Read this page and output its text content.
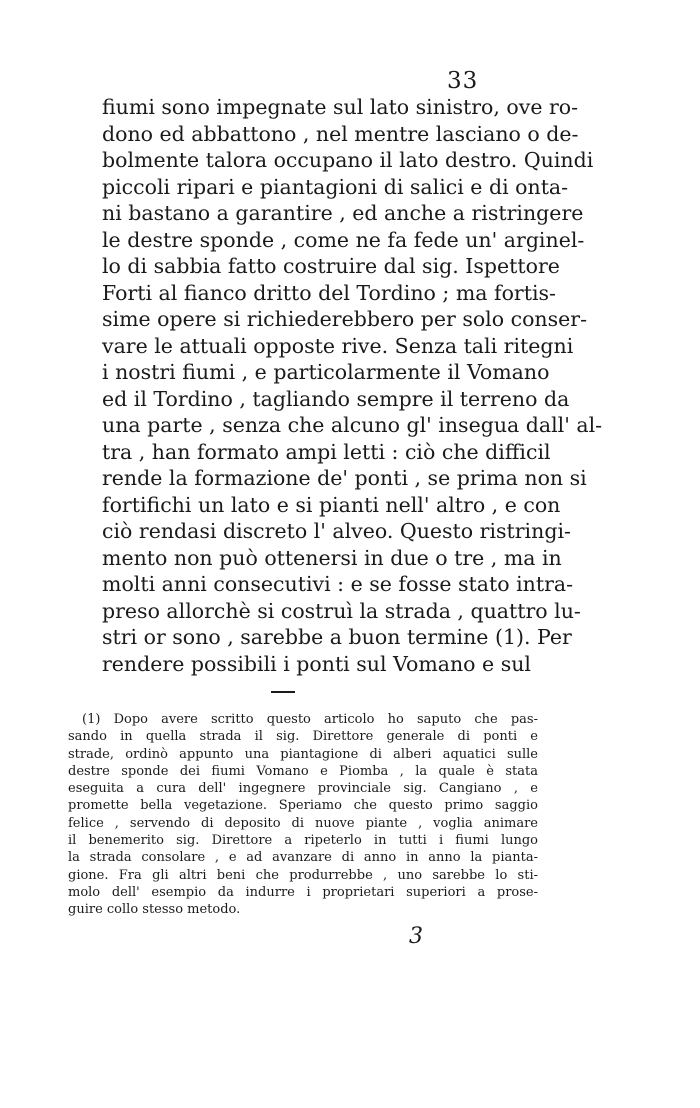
33
fiumi sono impegnate sul lato sinistro, ove ro-
dono ed abbattono , nel mentre lasciano o de-
bolmente talora occupano il lato destro. Quindi
piccoli ripari e piantagioni di salici e di onta-
ni bastano a garantire , ed anche a ristringere
le destre sponde , come ne fa fede un' arginel-
lo di sabbia fatto costruire dal sig. Ispettore
Forti al fianco dritto del Tordino ; ma fortis-
sime opere si richiederebbero per solo conser-
vare le attuali opposte rive. Senza tali ritegni
i nostri fiumi , e particolarmente il Vomano
ed il Tordino , tagliando sempre il terreno da
una parte , senza che alcuno gl' insegua dall' al-
tra , han formato ampi letti : ciò che difficil
rende la formazione de' ponti , se prima non si
fortifichi un lato e si pianti nell' altro , e con
ciò rendasi discreto l' alveo. Questo ristringi-
mento non può ottenersi in due o tre , ma in
molti anni consecutivi : e se fosse stato intra-
preso allorchè si costruì la strada , quattro lu-
stri or sono , sarebbe a buon termine (1). Per
rendere possibili i ponti sul Vomano e sul
(1) Dopo avere scritto questo articolo ho saputo che pas-
sando in quella strada il sig. Direttore generale di ponti e
strade, ordinò appunto una piantagione di alberi aquatici sulle
destre sponde dei fiumi Vomano e Piomba , la quale è stata
eseguita a cura dell' ingegnere provinciale sig. Cangiano , e
promette bella vegetazione. Speriamo che questo primo saggio
felice , servendo di deposito di nuove piante , voglia animare
il benemerito sig. Direttore a ripeterlo in tutti i fiumi lungo
la strada consolare , e ad avanzare di anno in anno la pianta-
gione. Fra gli altri beni che produrrebbe , uno sarebbe lo sti-
molo dell' esempio da indurre i proprietari superiori a prose-
guire collo stesso metodo.
3
